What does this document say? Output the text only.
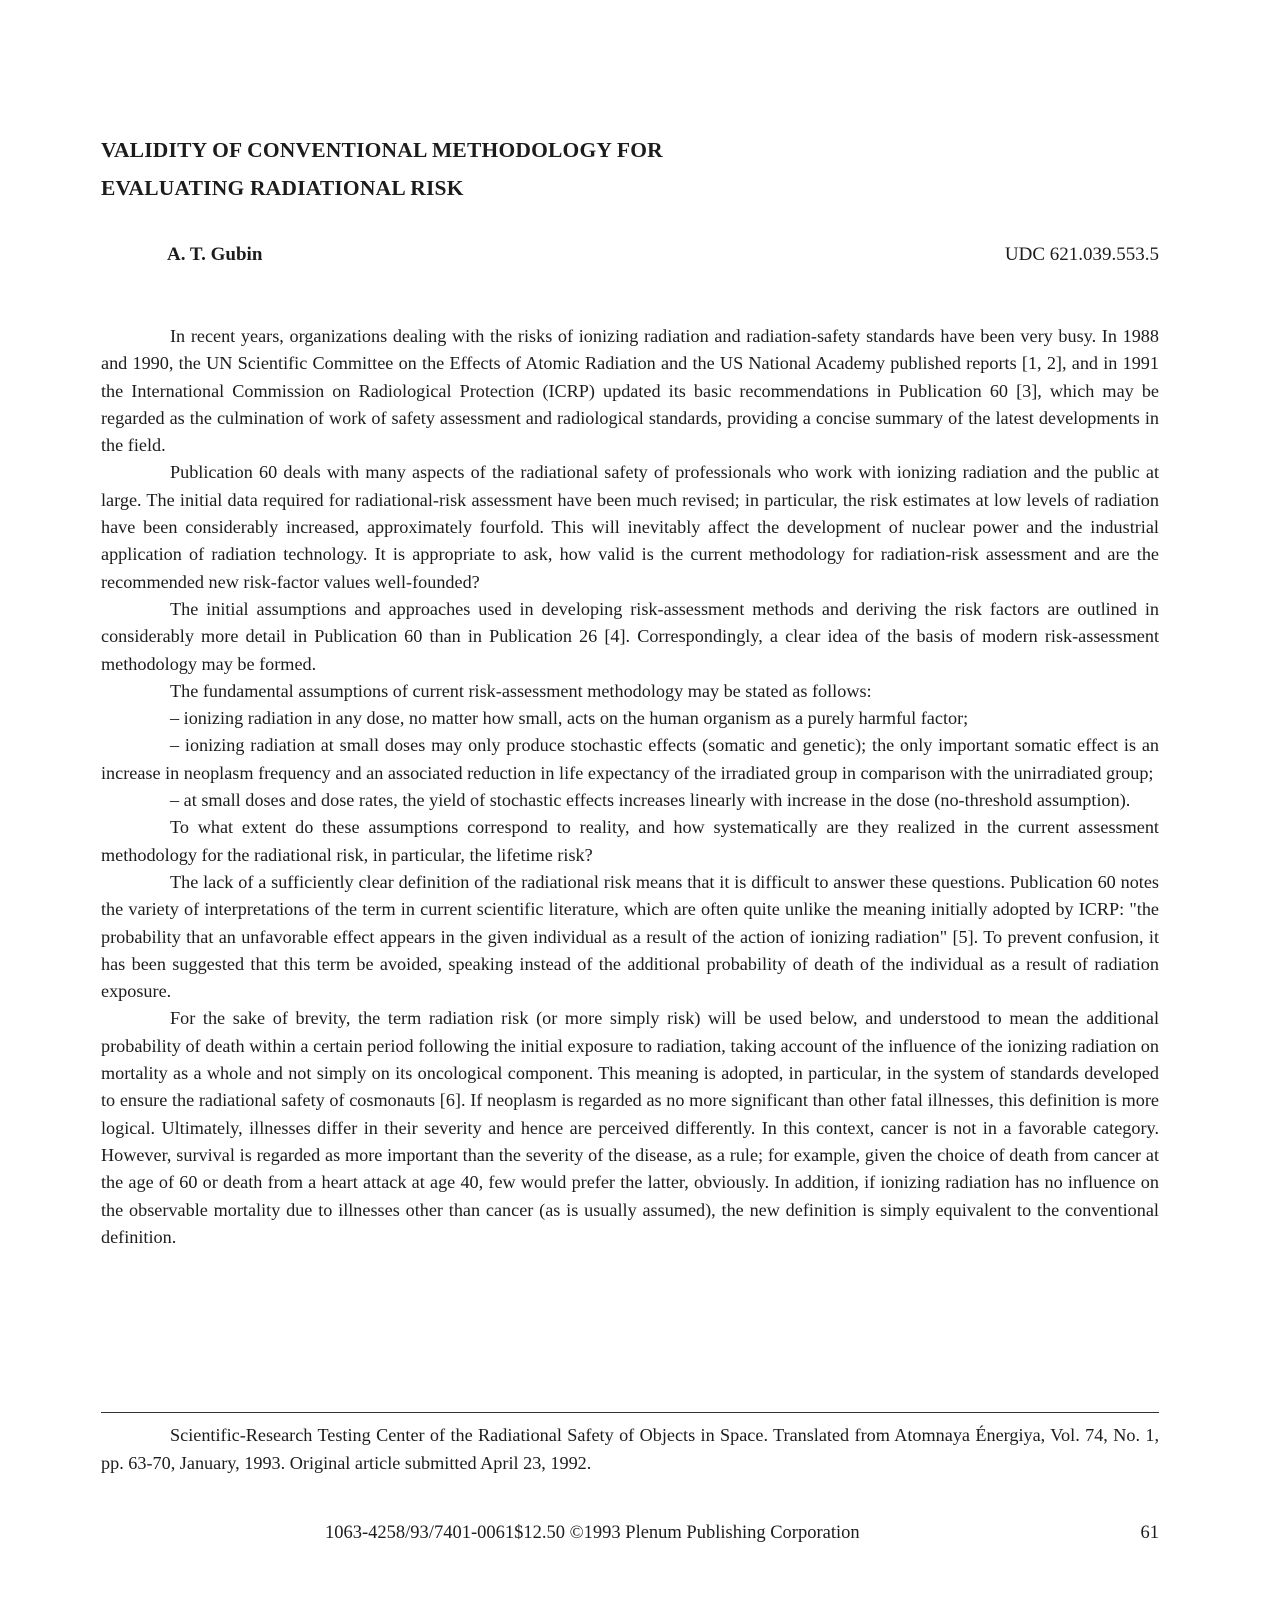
VALIDITY OF CONVENTIONAL METHODOLOGY FOR
EVALUATING RADIATIONAL RISK
A. T. Gubin	UDC 621.039.553.5

In recent years, organizations dealing with the risks of ionizing radiation and radiation-safety standards have been very busy. In 1988 and 1990, the UN Scientific Committee on the Effects of Atomic Radiation and the US National Academy published reports [1, 2], and in 1991 the International Commission on Radiological Protection (ICRP) updated its basic recommendations in Publication 60 [3], which may be regarded as the culmination of work of safety assessment and radiological standards, providing a concise summary of the latest developments in the field.

Publication 60 deals with many aspects of the radiational safety of professionals who work with ionizing radiation and the public at large. The initial data required for radiational-risk assessment have been much revised; in particular, the risk estimates at low levels of radiation have been considerably increased, approximately fourfold. This will inevitably affect the development of nuclear power and the industrial application of radiation technology. It is appropriate to ask, how valid is the current methodology for radiation-risk assessment and are the recommended new risk-factor values well-founded?

The initial assumptions and approaches used in developing risk-assessment methods and deriving the risk factors are outlined in considerably more detail in Publication 60 than in Publication 26 [4]. Correspondingly, a clear idea of the basis of modern risk-assessment methodology may be formed.

The fundamental assumptions of current risk-assessment methodology may be stated as follows:

– ionizing radiation in any dose, no matter how small, acts on the human organism as a purely harmful factor;

– ionizing radiation at small doses may only produce stochastic effects (somatic and genetic); the only important somatic effect is an increase in neoplasm frequency and an associated reduction in life expectancy of the irradiated group in comparison with the unirradiated group;

– at small doses and dose rates, the yield of stochastic effects increases linearly with increase in the dose (no-threshold assumption).

To what extent do these assumptions correspond to reality, and how systematically are they realized in the current assessment methodology for the radiational risk, in particular, the lifetime risk?

The lack of a sufficiently clear definition of the radiational risk means that it is difficult to answer these questions. Publication 60 notes the variety of interpretations of the term in current scientific literature, which are often quite unlike the meaning initially adopted by ICRP: "the probability that an unfavorable effect appears in the given individual as a result of the action of ionizing radiation" [5]. To prevent confusion, it has been suggested that this term be avoided, speaking instead of the additional probability of death of the individual as a result of radiation exposure.

For the sake of brevity, the term radiation risk (or more simply risk) will be used below, and understood to mean the additional probability of death within a certain period following the initial exposure to radiation, taking account of the influence of the ionizing radiation on mortality as a whole and not simply on its oncological component. This meaning is adopted, in particular, in the system of standards developed to ensure the radiational safety of cosmonauts [6]. If neoplasm is regarded as no more significant than other fatal illnesses, this definition is more logical. Ultimately, illnesses differ in their severity and hence are perceived differently. In this context, cancer is not in a favorable category. However, survival is regarded as more important than the severity of the disease, as a rule; for example, given the choice of death from cancer at the age of 60 or death from a heart attack at age 40, few would prefer the latter, obviously. In addition, if ionizing radiation has no influence on the observable mortality due to illnesses other than cancer (as is usually assumed), the new definition is simply equivalent to the conventional definition.

Scientific-Research Testing Center of the Radiational Safety of Objects in Space. Translated from Atomnaya Énergiya, Vol. 74, No. 1, pp. 63-70, January, 1993. Original article submitted April 23, 1992.

1063-4258/93/7401-0061$12.50 ©1993 Plenum Publishing Corporation	61
